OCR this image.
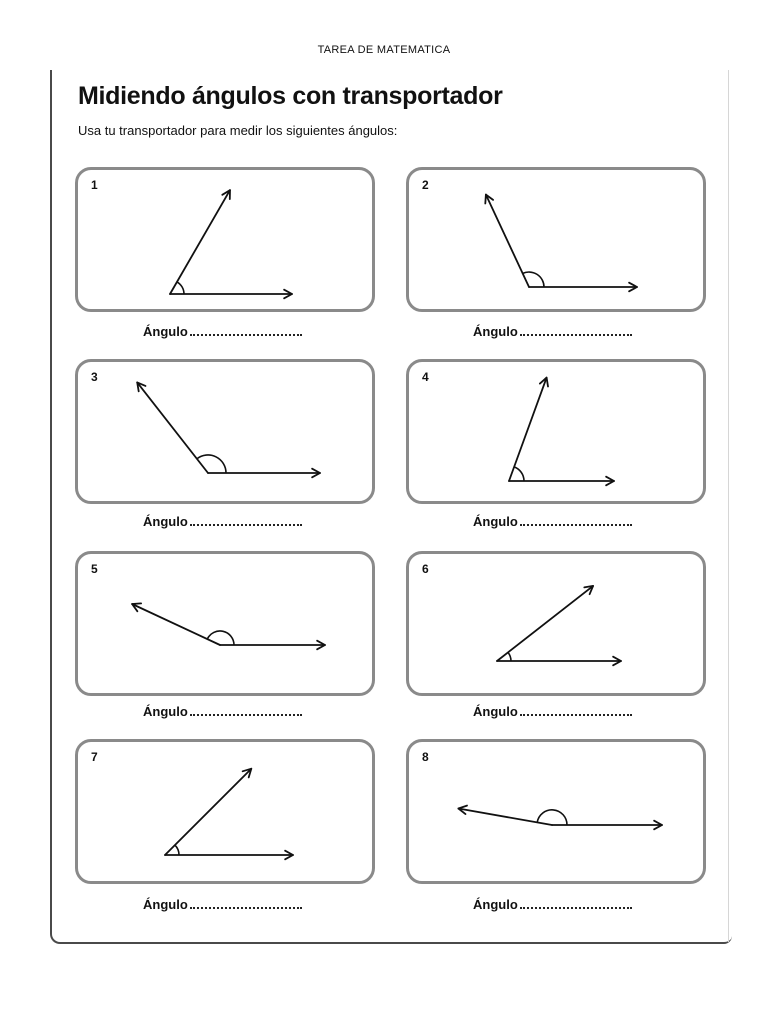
TAREA DE MATEMATICA
Midiendo ángulos con transportador
Usa tu transportador para medir los siguientes ángulos:
1
Ángulo
2
Ángulo
3
Ángulo
4
Ángulo
5
Ángulo
6
Ángulo
7
Ángulo
8
Ángulo
